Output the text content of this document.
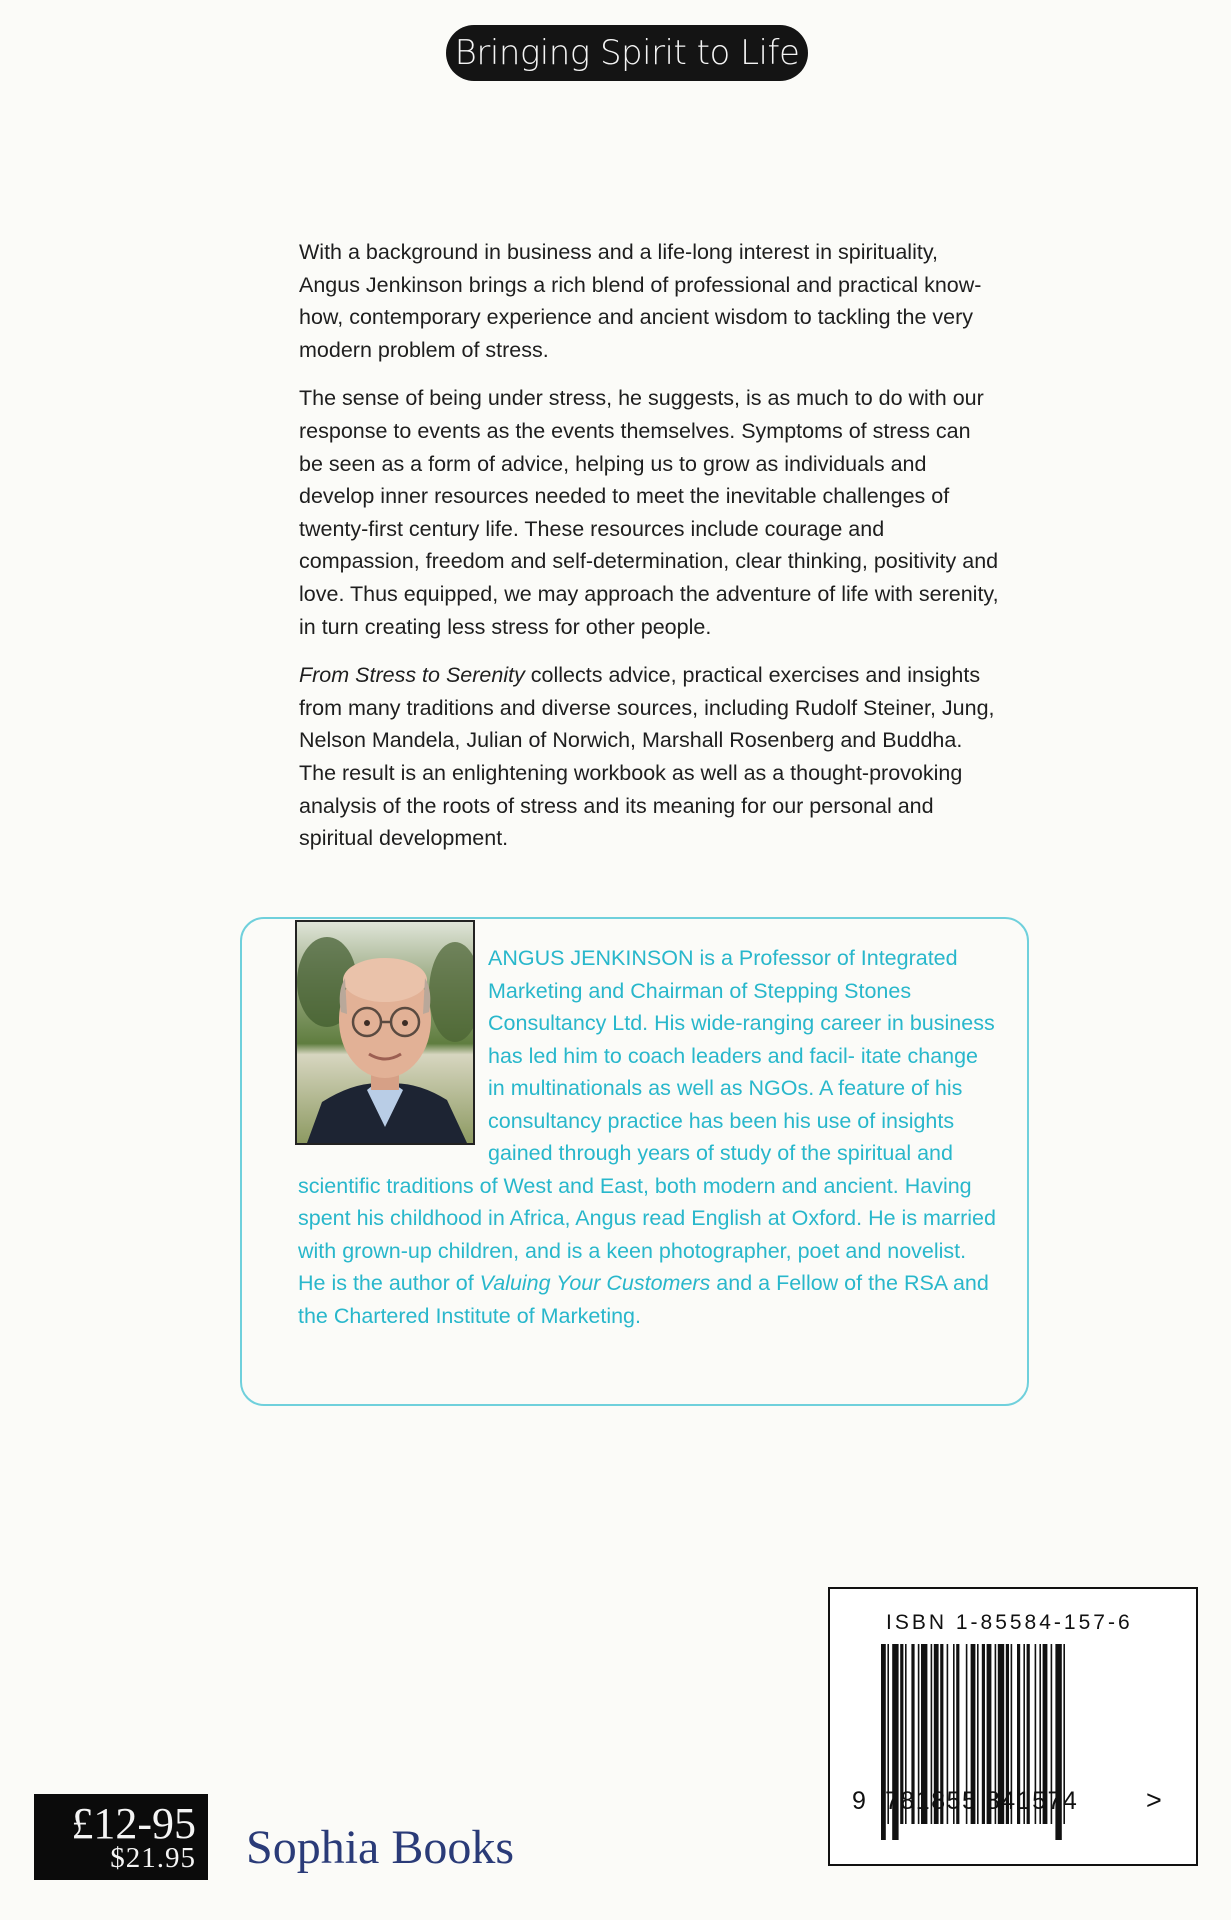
Bringing Spirit to Life

With a background in business and a life-long interest in spirituality, Angus Jenkinson brings a rich blend of professional and practical know-how, contemporary experience and ancient wisdom to tackling the very modern problem of stress.

The sense of being under stress, he suggests, is as much to do with our response to events as the events themselves. Symptoms of stress can be seen as a form of advice, helping us to grow as individuals and develop inner resources needed to meet the inevitable challenges of twenty-first century life. These resources include courage and compassion, freedom and self-determination, clear thinking, positivity and love. Thus equipped, we may approach the adventure of life with serenity, in turn creating less stress for other people.

From Stress to Serenity collects advice, practical exercises and insights from many traditions and diverse sources, including Rudolf Steiner, Jung, Nelson Mandela, Julian of Norwich, Marshall Rosenberg and Buddha. The result is an enlightening workbook as well as a thought-provoking analysis of the roots of stress and its meaning for our personal and spiritual development.

ANGUS JENKINSON is a Professor of Integrated Marketing and Chairman of Stepping Stones Consultancy Ltd. His wide-ranging career in business has led him to coach leaders and facil- itate change in multinationals as well as NGOs. A feature of his consultancy practice has been his use of insights gained through years of study of the spiritual and scientific traditions of West and East, both modern and ancient. Having spent his childhood in Africa, Angus read English at Oxford. He is married with grown-up children, and is a keen photographer, poet and novelist. He is the author of Valuing Your Customers and a Fellow of the RSA and the Chartered Institute of Marketing.
ISBN 1-85584-157-6
9 781855 841574	>
£12-95
$21.95 Sophia Books
